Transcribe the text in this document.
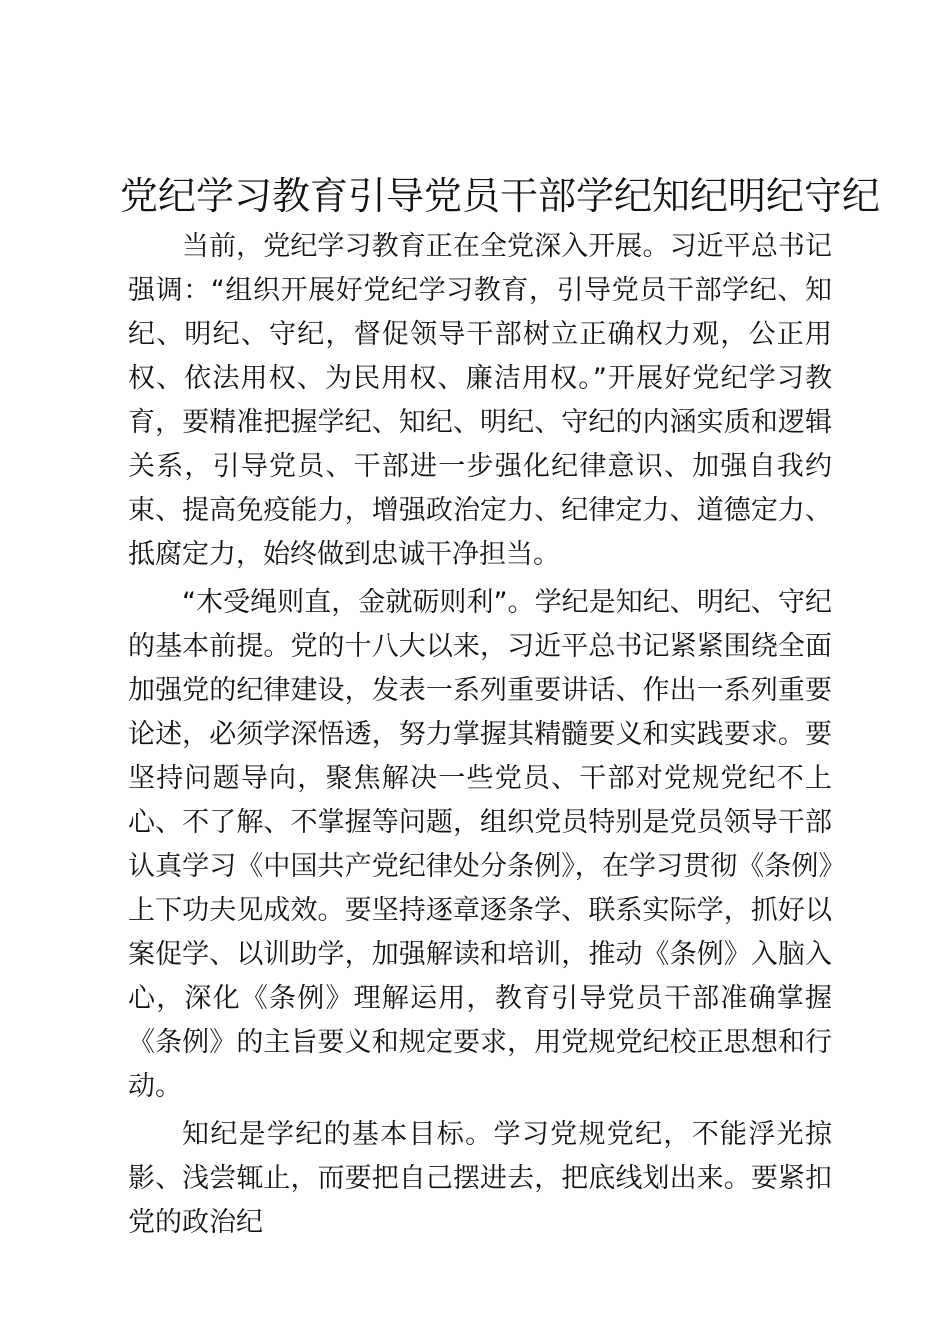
党纪学习教育引导党员干部学纪知纪明纪守纪

当前，党纪学习教育正在全党深入开展。习近平总书记强调：“组织开展好党纪学习教育，引导党员干部学纪、知纪、明纪、守纪，督促领导干部树立正确权力观，公正用权、依法用权、为民用权、廉洁用权。”开展好党纪学习教育，要精准把握学纪、知纪、明纪、守纪的内涵实质和逻辑关系，引导党员、干部进一步强化纪律意识、加强自我约束、提高免疫能力，增强政治定力、纪律定力、道德定力、抵腐定力，始终做到忠诚干净担当。

“木受绳则直，金就砺则利”。学纪是知纪、明纪、守纪的基本前提。党的十八大以来，习近平总书记紧紧围绕全面加强党的纪律建设，发表一系列重要讲话、作出一系列重要论述，必须学深悟透，努力掌握其精髓要义和实践要求。要坚持问题导向，聚焦解决一些党员、干部对党规党纪不上心、不了解、不掌握等问题，组织党员特别是党员领导干部认真学习《中国共产党纪律处分条例》，在学习贯彻《条例》上下功夫见成效。要坚持逐章逐条学、联系实际学，抓好以案促学、以训助学，加强解读和培训，推动《条例》入脑入心，深化《条例》理解运用，教育引导党员干部准确掌握《条例》的主旨要义和规定要求，用党规党纪校正思想和行动。

知纪是学纪的基本目标。学习党规党纪，不能浮光掠影、浅尝辄止，而要把自己摆进去，把底线划出来。要紧扣党的政治纪
